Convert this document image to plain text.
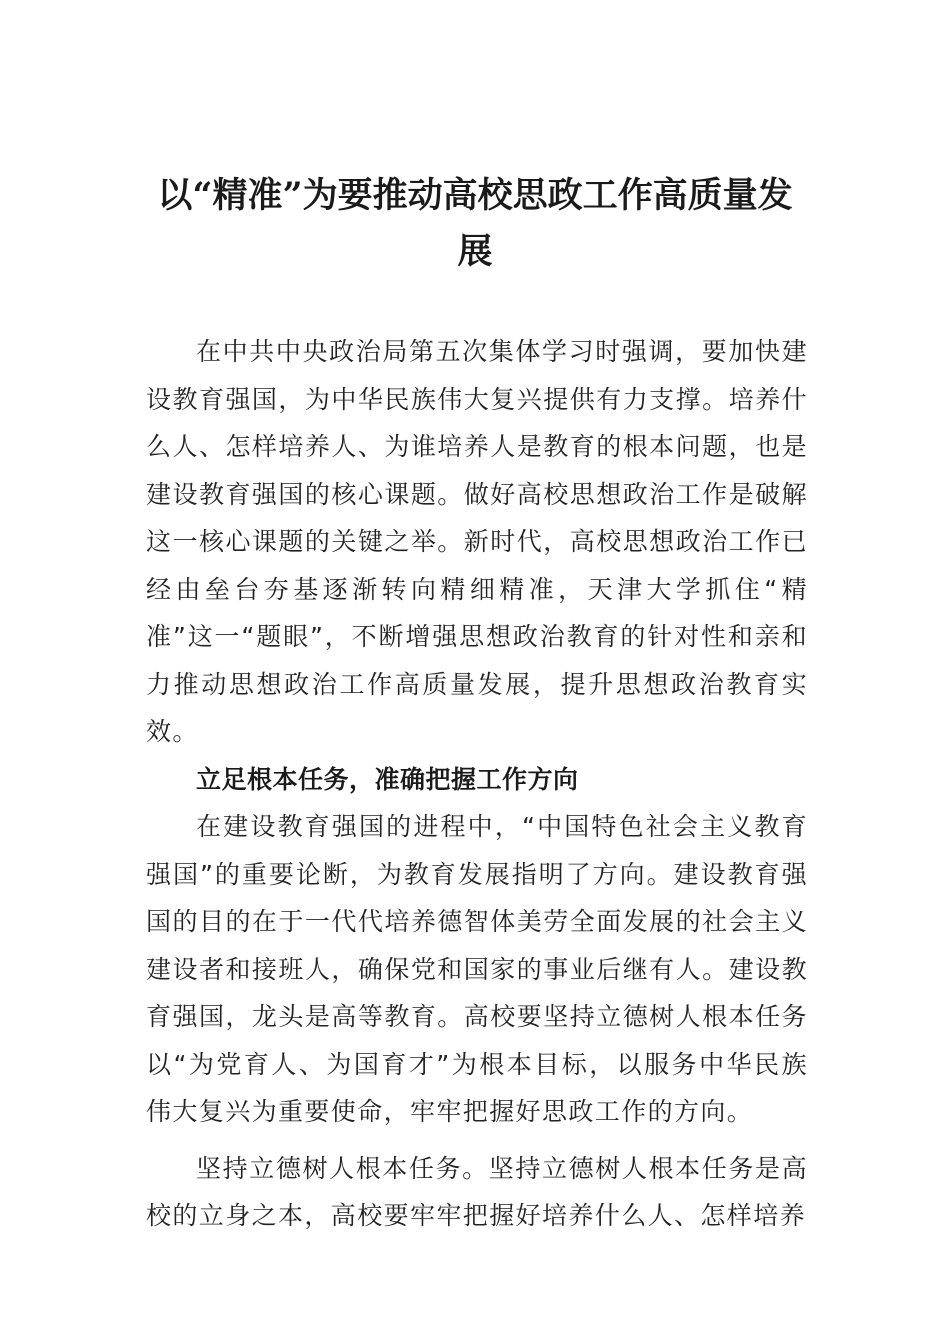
以“精准”为要推动高校思政工作高质量发展

在中共中央政治局第五次集体学习时强调，要加快建设教育强国，为中华民族伟大复兴提供有力支撑。培养什么人、怎样培养人、为谁培养人是教育的根本问题，也是建设教育强国的核心课题。做好高校思想政治工作是破解这一核心课题的关键之举。新时代，高校思想政治工作已经由垒台夯基逐渐转向精细精准，天津大学抓住“精准”这一“题眼”，不断增强思想政治教育的针对性和亲和力推动思想政治工作高质量发展，提升思想政治教育实效。

立足根本任务，准确把握工作方向

在建设教育强国的进程中，“中国特色社会主义教育强国”的重要论断，为教育发展指明了方向。建设教育强国的目的在于一代代培养德智体美劳全面发展的社会主义建设者和接班人，确保党和国家的事业后继有人。建设教育强国，龙头是高等教育。高校要坚持立德树人根本任务以“为党育人、为国育才”为根本目标，以服务中华民族伟大复兴为重要使命，牢牢把握好思政工作的方向。

坚持立德树人根本任务。坚持立德树人根本任务是高校的立身之本，高校要牢牢把握好培养什么人、怎样培养
